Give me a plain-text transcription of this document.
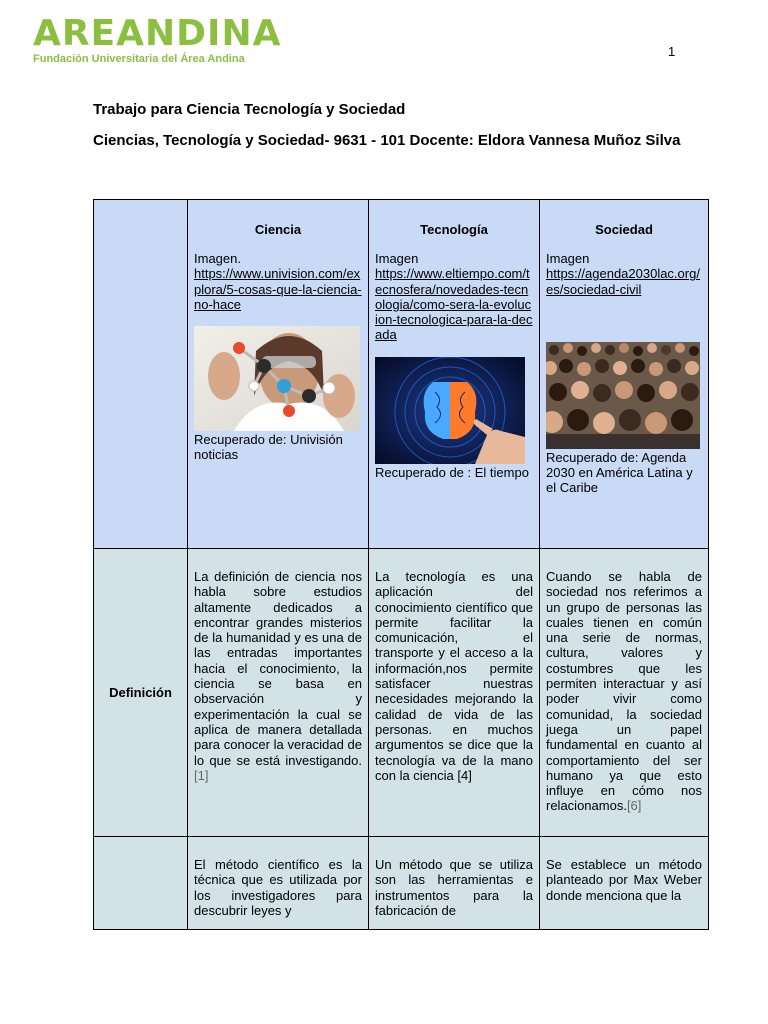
AREANDINA
Fundación Universitaria del Área Andina	1
Trabajo para Ciencia Tecnología y Sociedad
Ciencias, Tecnología y Sociedad- 9631 - 101 Docente: Eldora Vannesa Muñoz Silva
Ciencia
Imagen.
https://www.univision.com/explora/5-cosas-que-la-ciencia-no-hace
Recuperado de: Univisión noticias
Tecnología
Imagen
https://www.eltiempo.com/tecnosfera/novedades-tecnologia/como-sera-la-evolucion-tecnologica-para-la-decada
Recuperado de : El tiempo
Sociedad
Imagen
https://agenda2030lac.org/es/sociedad-civil
Recuperado de: Agenda 2030 en América Latina y el Caribe
Definición
La definición de ciencia nos habla sobre estudios altamente dedicados a encontrar grandes misterios de la humanidad y es una de las entradas importantes hacia el conocimiento, la ciencia se basa en observación y experimentación la cual se aplica de manera detallada para conocer la veracidad de lo que se está investigando. [1]
La tecnología es una aplicación del conocimiento científico que permite facilitar la comunicación, el transporte y el acceso a la información,nos permite satisfacer nuestras necesidades mejorando la calidad de vida de las personas. en muchos argumentos se dice que la tecnología va de la mano con la ciencia [4]
Cuando se habla de sociedad nos referimos a un grupo de personas las cuales tienen en común una serie de normas, cultura, valores y costumbres que les permiten interactuar y así poder vivir como comunidad, la sociedad juega un papel fundamental en cuanto al comportamiento del ser humano ya que esto influye en cómo nos relacionamos.[6]
El método científico es la técnica que es utilizada por los investigadores para descubrir leyes y
Un método que se utiliza son las herramientas e instrumentos para la fabricación de
Se establece un método planteado por Max Weber donde menciona que la
